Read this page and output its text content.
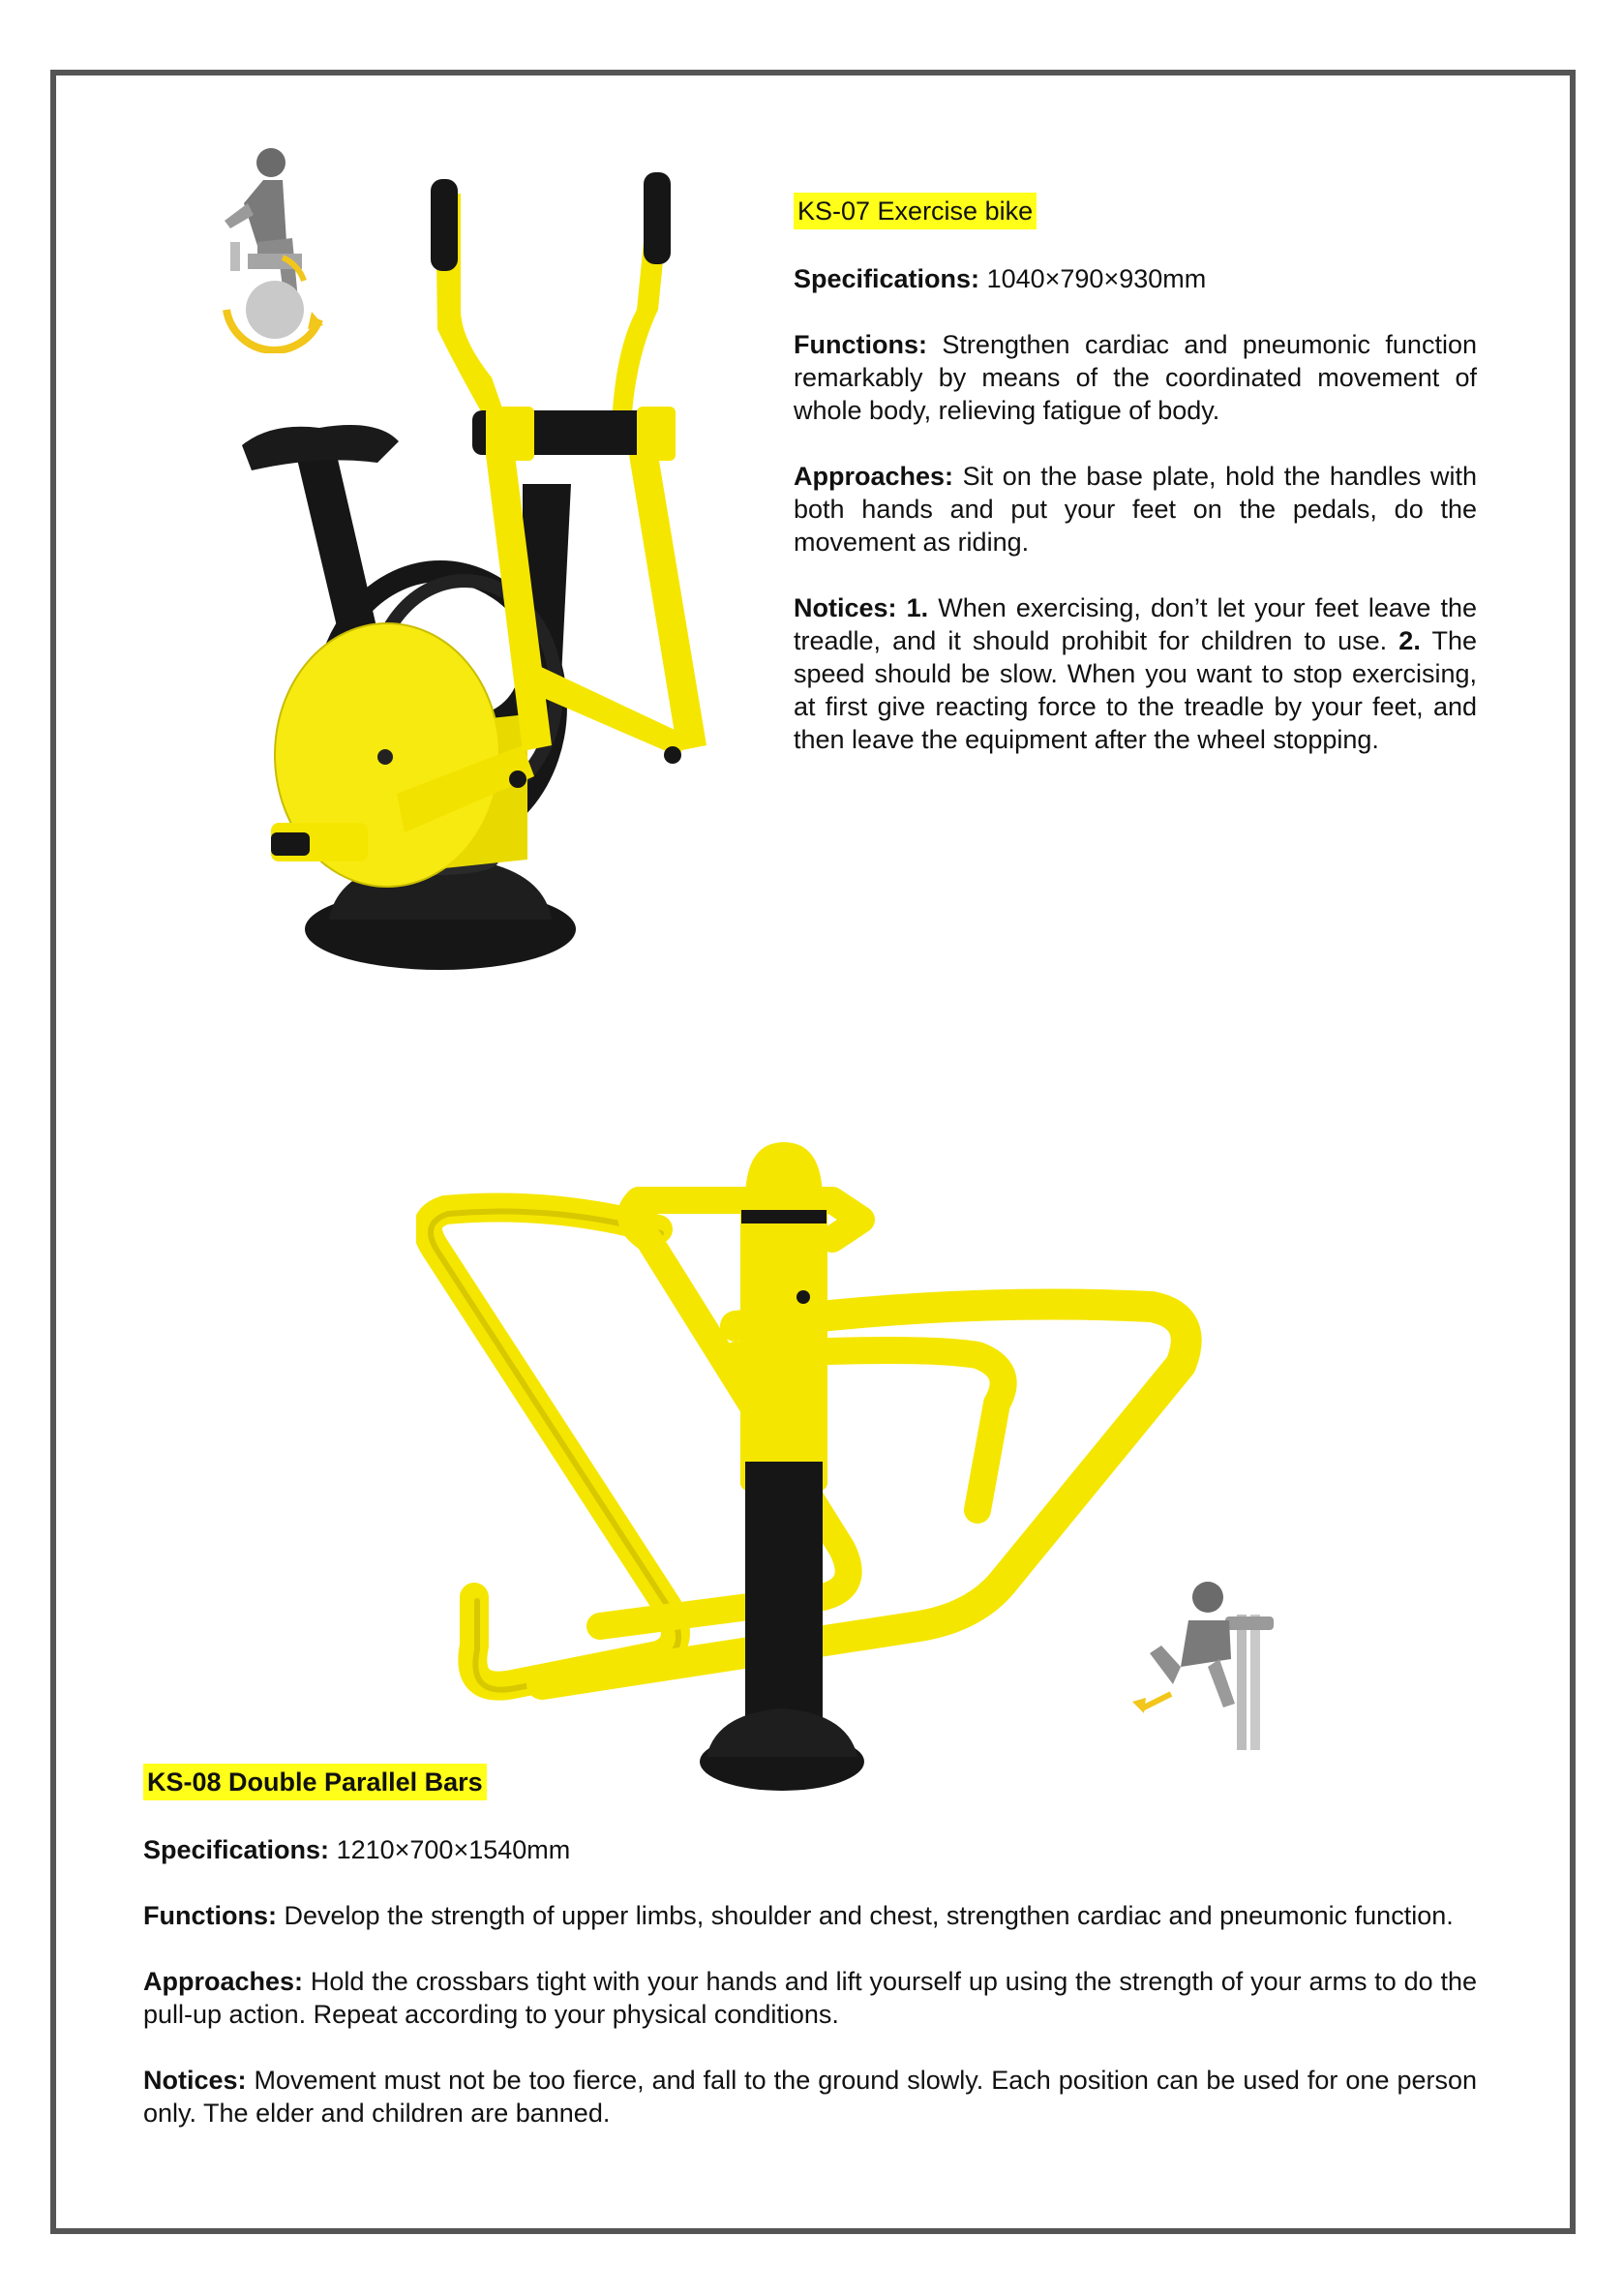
KS-07 Exercise bike

Specifications: 1040×790×930mm

Functions: Strengthen cardiac and pneumonic function remarkably by means of the coordinated movement of whole body, relieving fatigue of body.

Approaches: Sit on the base plate, hold the handles with both hands and put your feet on the pedals, do the movement as riding.

Notices: 1. When exercising, don’t let your feet leave the treadle, and it should prohibit for children to use. 2. The speed should be slow. When you want to stop exercising, at first give reacting force to the treadle by your feet, and then leave the equipment after the wheel stopping.

KS-08 Double Parallel Bars

Specifications: 1210×700×1540mm

Functions: Develop the strength of upper limbs, shoulder and chest, strengthen cardiac and pneumonic function.

Approaches: Hold the crossbars tight with your hands and lift yourself up using the strength of your arms to do the pull-up action. Repeat according to your physical conditions.

Notices: Movement must not be too fierce, and fall to the ground slowly. Each position can be used for one person only. The elder and children are banned.
